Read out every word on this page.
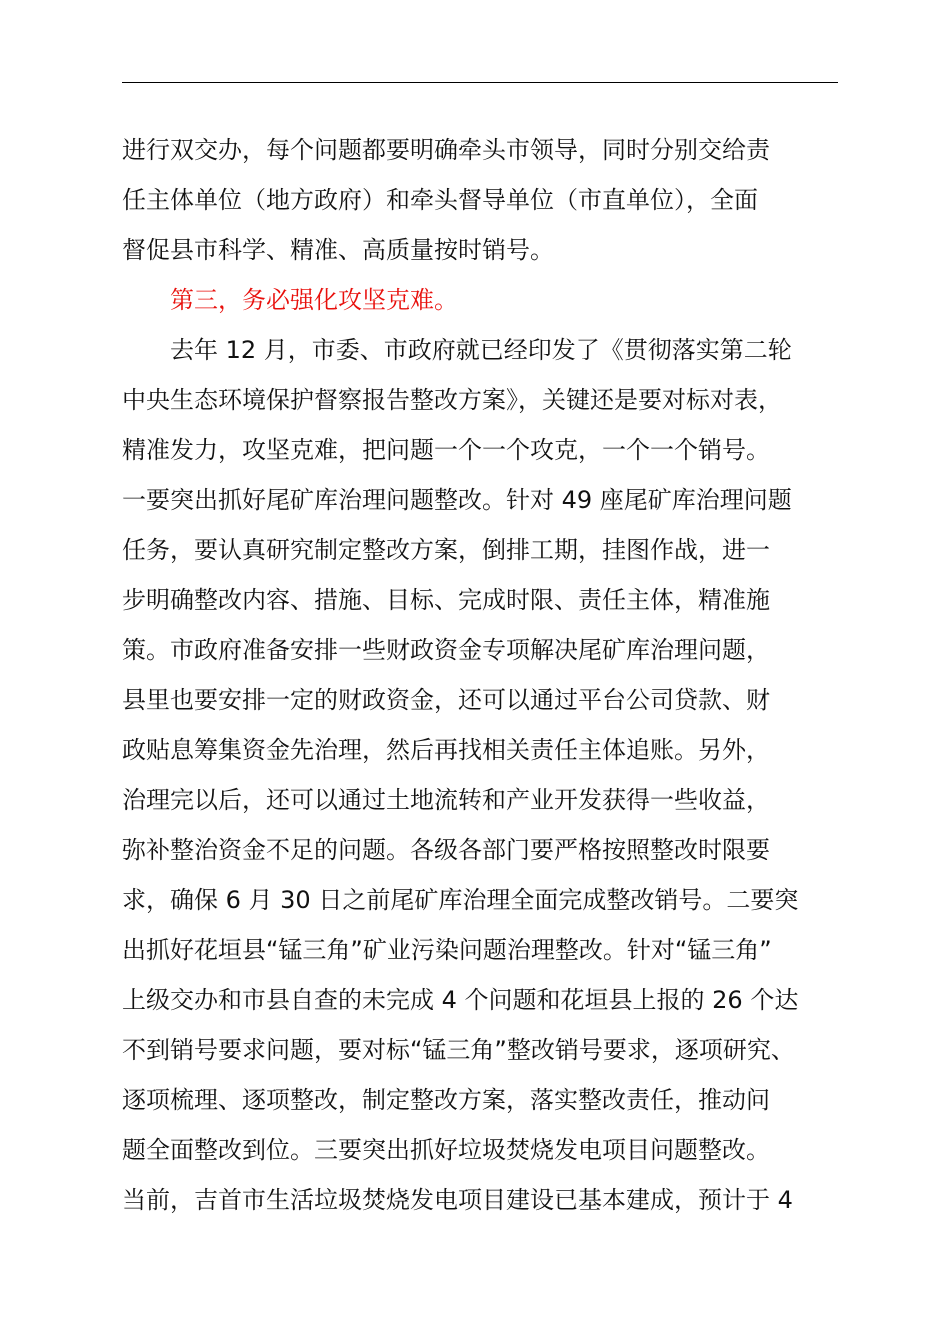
进行双交办，每个问题都要明确牵头市领导，同时分别交给责
任主体单位（地方政府）和牵头督导单位（市直单位），全面
督促县市科学、精准、高质量按时销号。
第三，务必强化攻坚克难。
去年 12 月，市委、市政府就已经印发了《贯彻落实第二轮
中央生态环境保护督察报告整改方案》，关键还是要对标对表，
精准发力，攻坚克难，把问题一个一个攻克，一个一个销号。
一要突出抓好尾矿库治理问题整改。针对 49 座尾矿库治理问题
任务，要认真研究制定整改方案，倒排工期，挂图作战，进一
步明确整改内容、措施、目标、完成时限、责任主体，精准施
策。市政府准备安排一些财政资金专项解决尾矿库治理问题，
县里也要安排一定的财政资金，还可以通过平台公司贷款、财
政贴息筹集资金先治理，然后再找相关责任主体追账。另外，
治理完以后，还可以通过土地流转和产业开发获得一些收益，
弥补整治资金不足的问题。各级各部门要严格按照整改时限要
求，确保 6 月 30 日之前尾矿库治理全面完成整改销号。二要突
出抓好花垣县“锰三角”矿业污染问题治理整改。针对“锰三角”
上级交办和市县自查的未完成 4 个问题和花垣县上报的 26 个达
不到销号要求问题，要对标“锰三角”整改销号要求，逐项研究、
逐项梳理、逐项整改，制定整改方案，落实整改责任，推动问
题全面整改到位。三要突出抓好垃圾焚烧发电项目问题整改。
当前，吉首市生活垃圾焚烧发电项目建设已基本建成，预计于 4
